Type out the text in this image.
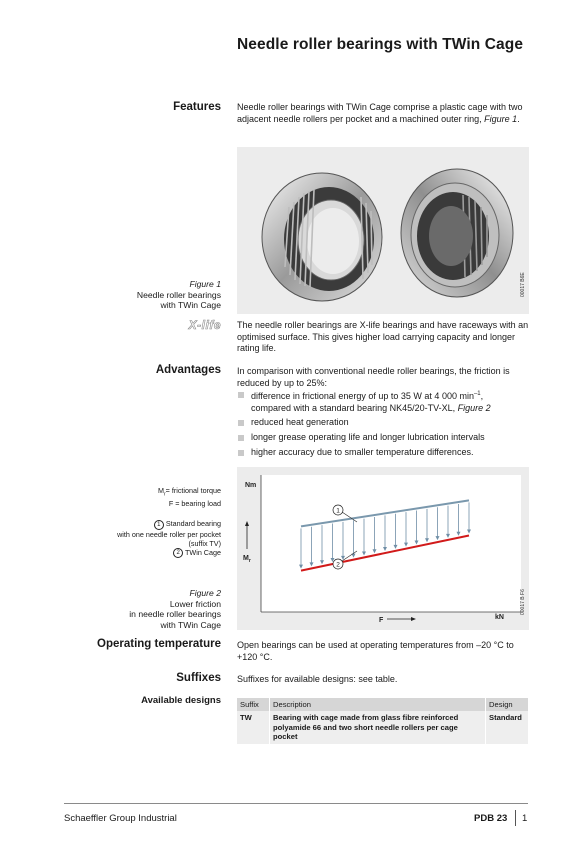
Needle roller bearings with TWin Cage
Features Needle roller bearings with TWin Cage comprise a plastic cage with two adjacent needle rollers per pocket and a machined outer ring, Figure 1.
00017 B6E
Figure 1
Needle roller bearings
with TWin Cage
X-life The needle roller bearings are X-life bearings and have raceways with an optimised surface. This gives higher load carrying capacity and longer rating life.
Advantages In comparison with conventional needle roller bearings, the friction is reduced by up to 25%:
difference in frictional energy of up to 35 W at 4 000 $\min^{-1}$,
compared with a standard bearing NK45/20-TV-XL, Figure 2
reduced heat generation
longer grease operating life and longer lubrication intervals
higher accuracy due to smaller temperature differences.
$M_r=$ frictional torque
F = bearing load
1 Standard bearing
with one needle roller per pocket
(suffix TV)
2 TWin Cage
Nm
kN
$M_r$
F
1
2
00017 B F6
Figure 2
Lower friction
in needle roller bearings
with TWin Cage
Operating temperature Open bearings can be used at operating temperatures from –20 °C to +120 °C.
Suffixes Suffixes for available designs: see table.
Available designs	Suffix	Description	Design
TW	Bearing with cage made from glass fibre reinforced
polyamide 66 and two short needle rollers per cage pocket	Standard
Schaeffler Group Industrial	PDB 23 1
